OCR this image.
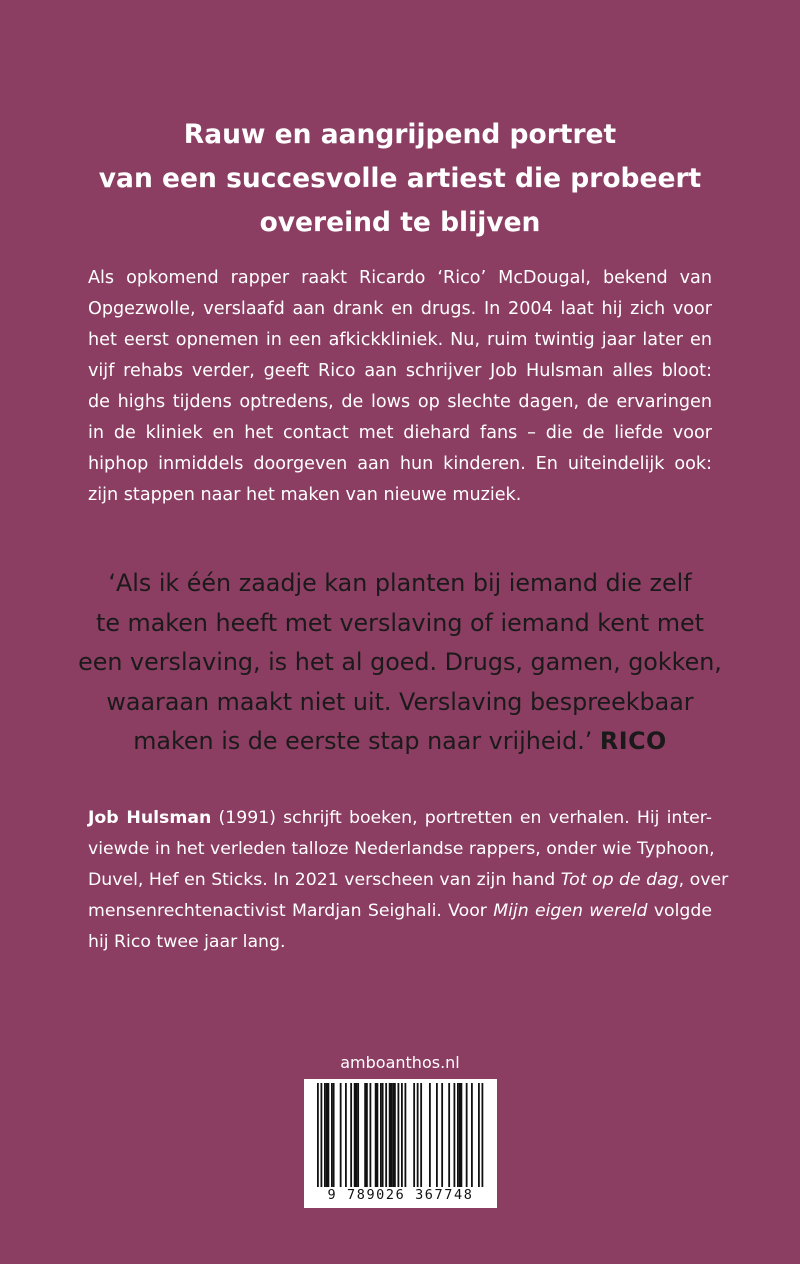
Rauw en aangrijpend portret
van een succesvolle artiest die probeert
overeind te blijven
Als opkomend rapper raakt Ricardo ‘Rico’ McDougal, bekend van
Opgezwolle, verslaafd aan drank en drugs. In 2004 laat hij zich voor
het eerst opnemen in een afkickkliniek. Nu, ruim twintig jaar later en
vijf rehabs verder, geeft Rico aan schrijver Job Hulsman alles bloot:
de highs tijdens optredens, de lows op slechte dagen, de ervaringen
in de kliniek en het contact met diehard fans – die de liefde voor
hiphop inmiddels doorgeven aan hun kinderen. En uiteindelijk ook:
zijn stappen naar het maken van nieuwe muziek.
‘Als ik één zaadje kan planten bij iemand die zelf
te maken heeft met verslaving of iemand kent met
een verslaving, is het al goed. Drugs, gamen, gokken,
waaraan maakt niet uit. Verslaving bespreekbaar
maken is de eerste stap naar vrijheid.’ RICO
Job Hulsman (1991) schrijft boeken, portretten en verhalen. Hij inter-
viewde in het verleden talloze Nederlandse rappers, onder wie Typhoon,
Duvel, Hef en Sticks. In 2021 verscheen van zijn hand Tot op de dag, over
mensenrechtenactivist Mardjan Seighali. Voor Mijn eigen wereld volgde
hij Rico twee jaar lang.
amboanthos.nl
9 789026 367748
